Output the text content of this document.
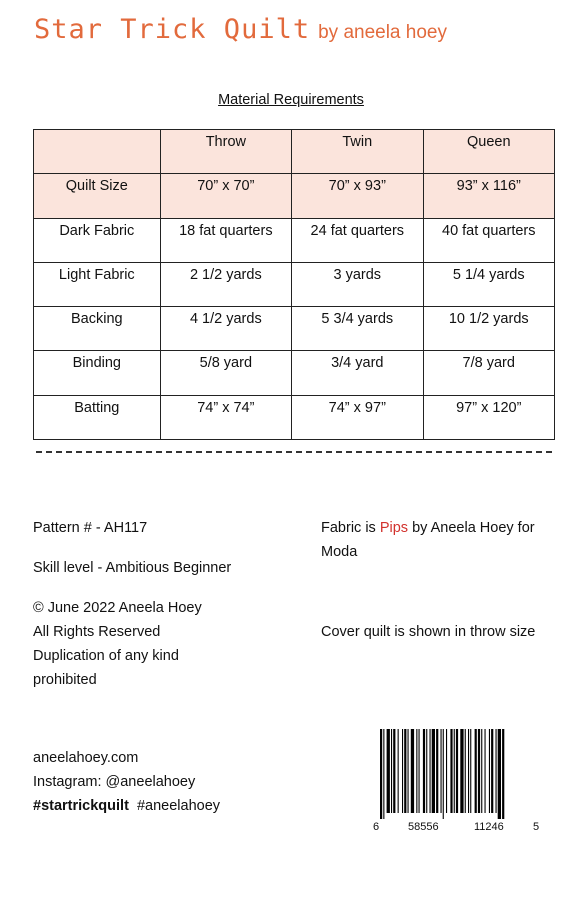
Star Trick Quilt by aneela hoey
Material Requirements
	Throw	Twin	Queen
Quilt Size	70” x 70”	70” x 93”	93” x 116”
Dark Fabric	18 fat quarters	24 fat quarters	40 fat quarters
Light Fabric	2 1/2 yards	3 yards	5 1/4 yards
Backing	4 1/2 yards	5 3/4 yards	10 1/2 yards
Binding	5/8 yard	3/4 yard	7/8 yard
Batting	74” x 74”	74” x 97”	97” x 120”
Pattern # - AH117
Skill level - Ambitious Beginner
© June 2022 Aneela Hoey
All Rights Reserved
Duplication of any kind
prohibited
Fabric is Pips by Aneela Hoey for
Moda
Cover quilt is shown in throw size
aneelahoey.com
Instagram: @aneelahoey
#startrickquilt #aneelahoey
6	58556	11246	5
